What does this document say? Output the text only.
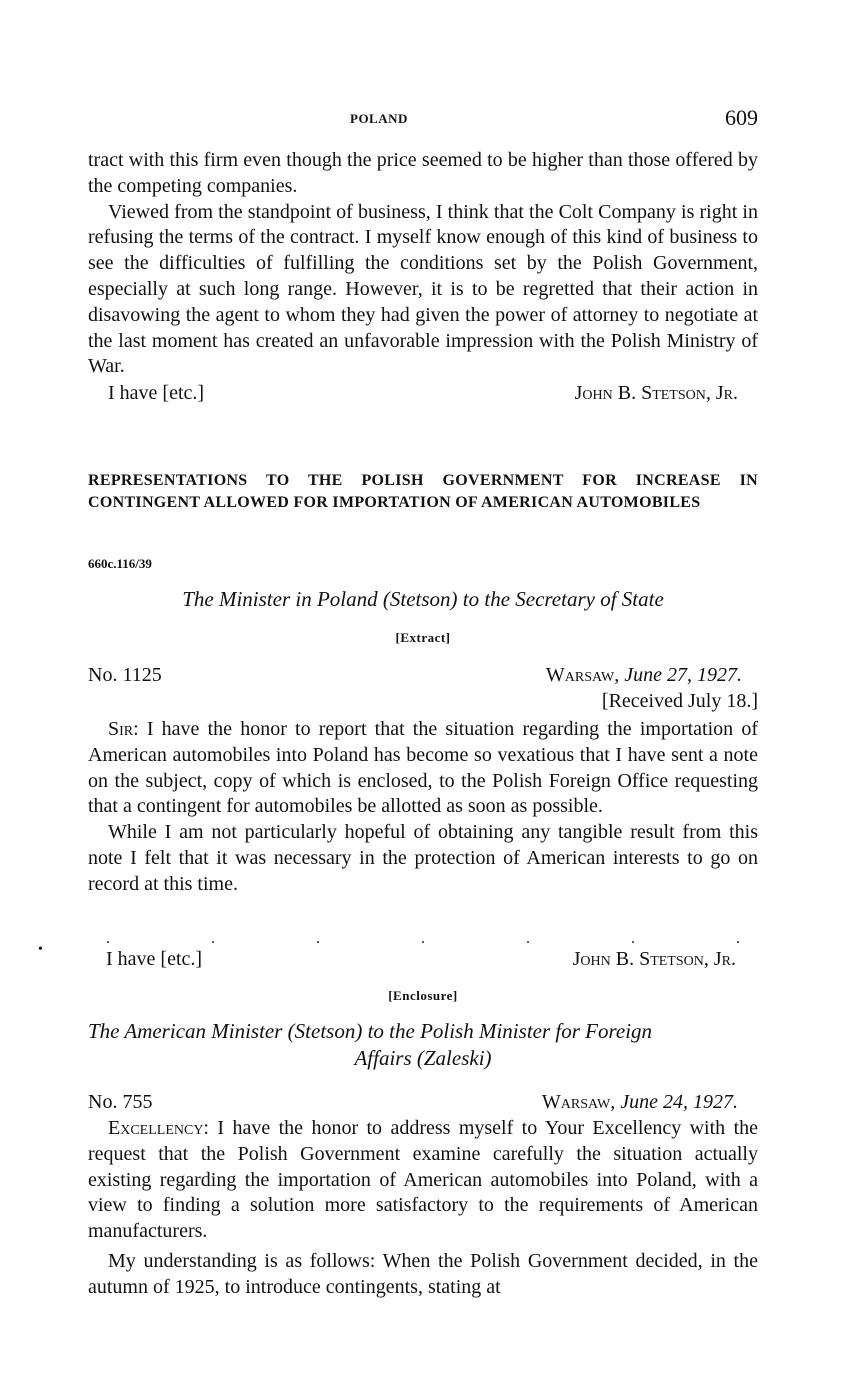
POLAND	609

tract with this firm even though the price seemed to be higher than those offered by the competing companies.

Viewed from the standpoint of business, I think that the Colt Company is right in refusing the terms of the contract. I myself know enough of this kind of business to see the difficulties of fulfilling the conditions set by the Polish Government, especially at such long range. However, it is to be regretted that their action in disavowing the agent to whom they had given the power of attorney to negotiate at the last moment has created an unfavorable impression with the Polish Ministry of War.

I have [etc.]	John B. Stetson, Jr.
REPRESENTATIONS TO THE POLISH GOVERNMENT FOR INCREASE IN CONTINGENT ALLOWED FOR IMPORTATION OF AMERICAN AUTOMOBILES
660c.116/39
The Minister in Poland (Stetson) to the Secretary of State
[Extract]
No. 1125	Warsaw, June 27, 1927.
[Received July 18.]

Sir: I have the honor to report that the situation regarding the importation of American automobiles into Poland has become so vexatious that I have sent a note on the subject, copy of which is enclosed, to the Polish Foreign Office requesting that a contingent for automobiles be allotted as soon as possible.

While I am not particularly hopeful of obtaining any tangible result from this note I felt that it was necessary in the protection of American interests to go on record at this time.

.	.	.	.	.	.	.
I have [etc.]	John B. Stetson, Jr.
[Enclosure]
The American Minister (Stetson) to the Polish Minister for Foreign
Affairs (Zaleski)
No. 755	Warsaw, June 24, 1927.

Excellency: I have the honor to address myself to Your Excellency with the request that the Polish Government examine carefully the situation actually existing regarding the importation of American automobiles into Poland, with a view to finding a solution more satisfactory to the requirements of American manufacturers.

My understanding is as follows: When the Polish Government decided, in the autumn of 1925, to introduce contingents, stating at

•
